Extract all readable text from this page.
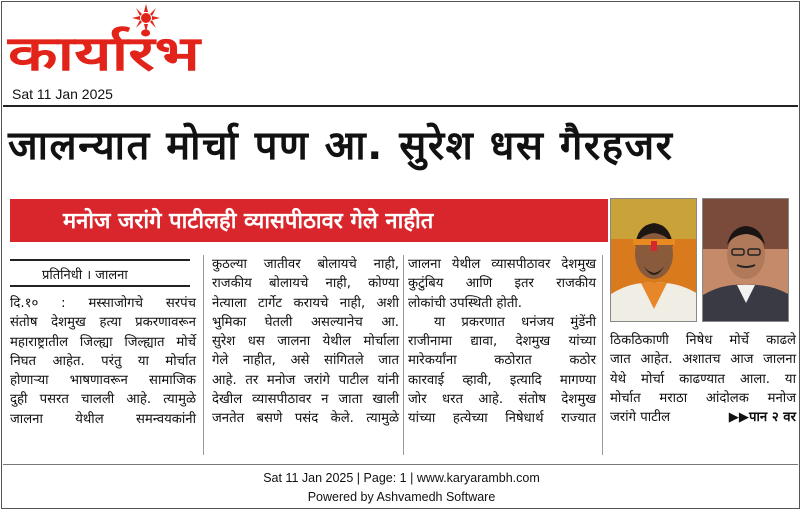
कार्यारंभ
Sat 11 Jan 2025
जालन्यात मोर्चा पण आ. सुरेश धस गैरहजर
मनोज जरांगे पाटीलही व्यासपीठावर गेले नाहीत
प्रतिनिधी । जालना

दि.१० : मस्साजोगचे सरपंच

संतोष देशमुख हत्या प्रकरणावरून

महाराष्ट्रातील जिल्ह्या जिल्ह्यात मोर्चे

निघत आहेत. परंतु या मोर्चात

होणाऱ्या भाषणावरून सामाजिक

दुही पसरत चालली आहे. त्यामुळे

जालना येथील समन्वयकांनी

कुठल्या जातीवर बोलायचे नाही,

राजकीय बोलायचे नाही, कोण्या

नेत्याला टार्गेट करायचे नाही, अशी

भुमिका घेतली असल्यानेच आ.

सुरेश धस जालना येथील मोर्चाला

गेले नाहीत, असे सांगितले जात

आहे. तर मनोज जरांगे पाटील यांनी

देखील व्यासपीठावर न जाता खाली

जनतेत बसणे पसंद केले. त्यामुळे

जालना येथील व्यासपीठावर देशमुख

कुटुंबिय आणि इतर राजकीय

लोकांची उपस्थिती होती.

या प्रकरणात धनंजय मुंडेंनी

राजीनामा द्यावा, देशमुख यांच्या

मारेकर्यांना कठोरात कठोर

कारवाई व्हावी, इत्यादि मागण्या

जोर धरत आहे. संतोष देशमुख

यांच्या हत्येच्या निषेधार्थ राज्यात

ठिकठिकाणी निषेध मोर्चे काढले

जात आहेत. अशातच आज जालना

येथे मोर्चा काढण्यात आला. या

मोर्चात मराठा आंदोलक मनोज

जरांगे पाटील	▶▶पान २ वर

Sat 11 Jan 2025 | Page: 1 | www.karyarambh.com
Powered by Ashvamedh Software
